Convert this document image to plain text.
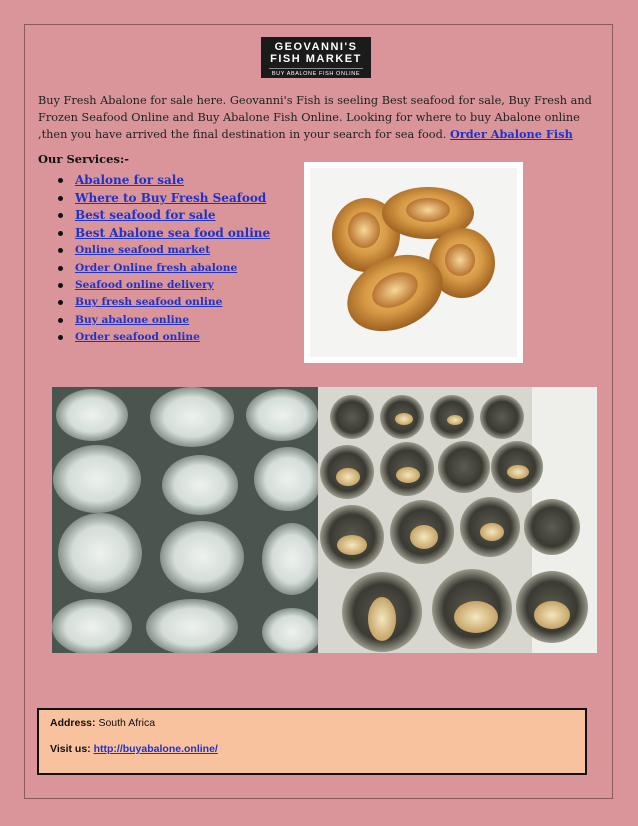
GEOVANNI'S
FISH MARKET
BUY ABALONE FISH ONLINE
Buy Fresh Abalone for sale here. Geovanni's Fish is seeling Best seafood for sale, Buy Fresh and Frozen Seafood Online and Buy Abalone Fish Online. Looking for where to buy Abalone online ,then you have arrived the final destination in your search for sea food. Order Abalone Fish
Our Services:-
Abalone for sale
Where to Buy Fresh Seafood
Best seafood for sale
Best Abalone sea food online
Online seafood market
Order Online fresh abalone
Seafood online delivery
Buy fresh seafood online
Buy abalone online
Order seafood online
Address: South Africa
Visit us: http://buyabalone.online/
